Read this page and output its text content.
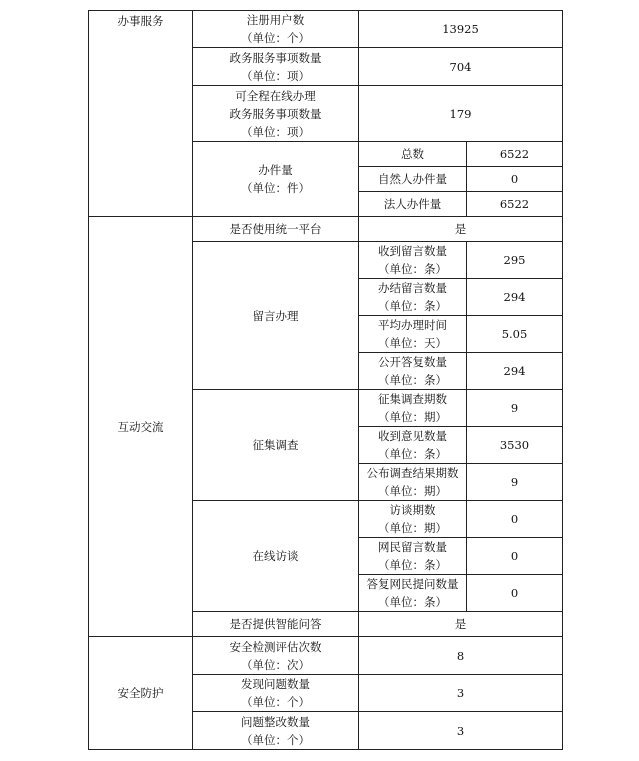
办事服务	注册用户数
（单位：个）	13925	
	政务服务事项数量
（单位：项）	704	
	可全程在线办理
政务服务事项数量
（单位：项）	179	
	办件量
（单位：件）	总数	6522
		自然人办件量	0
		法人办件量	6522
互动交流	是否使用统一平台	是	
	留言办理	收到留言数量
（单位：条）	295
		办结留言数量
（单位：条）	294
		平均办理时间
（单位：天）	5.05
		公开答复数量
（单位：条）	294
	征集调查	征集调查期数
（单位：期）	9
		收到意见数量
（单位：条）	3530
		公布调查结果期数
（单位：期）	9
	在线访谈	访谈期数
（单位：期）	0
		网民留言数量
（单位：条）	0
		答复网民提问数量
（单位：条）	0
	是否提供智能问答	是	
安全防护	安全检测评估次数
（单位：次）	8	
	发现问题数量
（单位：个）	3	
	问题整改数量
（单位：个）	3	
